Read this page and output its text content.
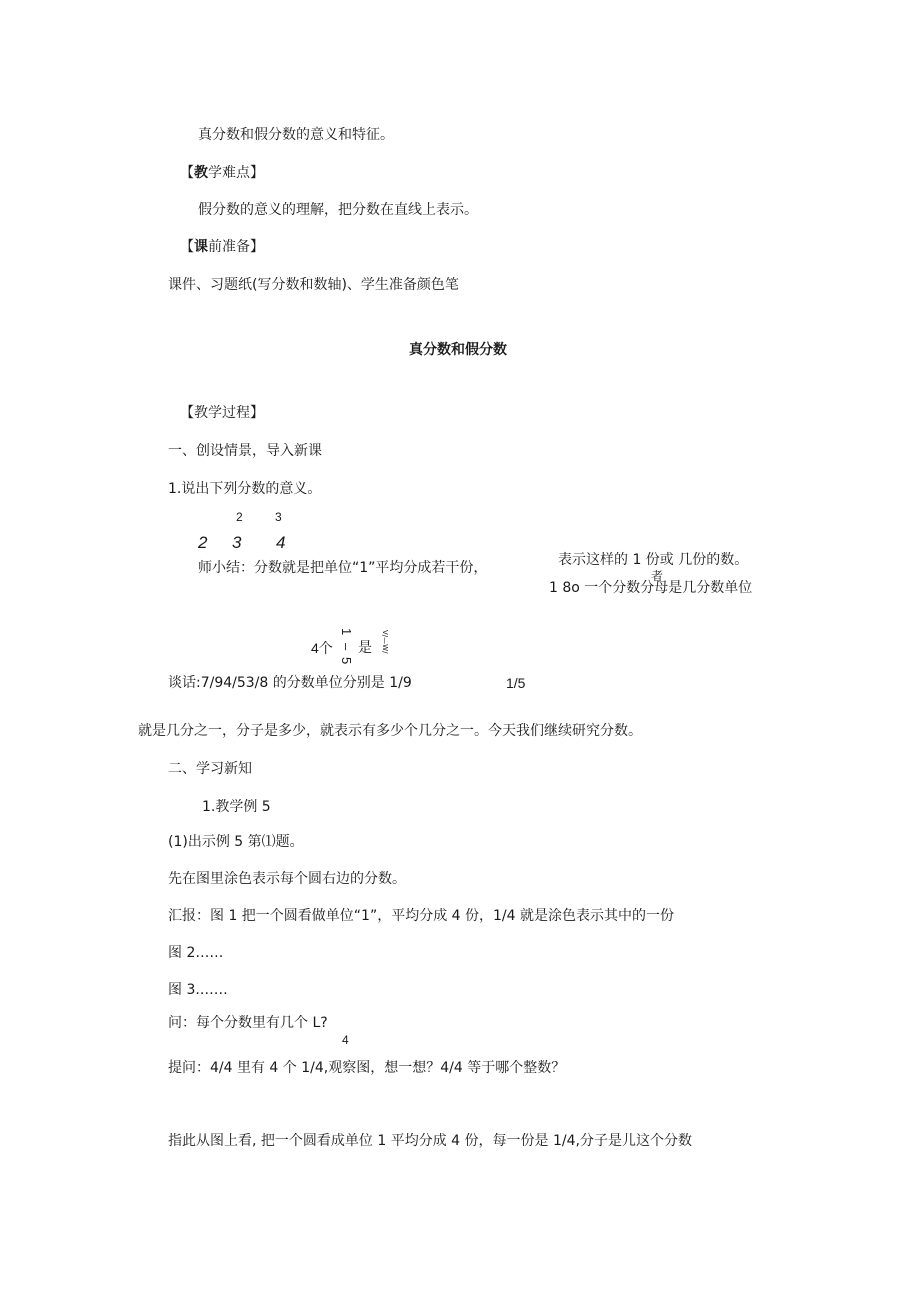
真分数和假分数的意义和特征。
【教学难点】
假分数的意义的理解，把分数在直线上表示。
【课前准备】
课件、习题纸(写分数和数轴)、学生准备颜色笔
真分数和假分数
【教学过程】
一、创设情景，导入新课
1.说出下列分数的意义。
2	3
2 3 4
师小结：分数就是把单位“1”平均分成若干份，	表示这样的 1 份或 几份的数。
者
1 8o 一个分数分母是几分数单位
1
–
5
4个 是 V/—W/
谈话:7/94/53/8 的分数单位分别是 1/9	1/5
就是几分之一，分子是多少，就表示有多少个几分之一。今天我们继续研究分数。
二、学习新知
1.教学例 5
(1)出示例 5 第⑴题。
先在图里涂色表示每个圆右边的分数。
汇报：图 1 把一个圆看做单位“1”，平均分成 4 份，1/4 就是涂色表示其中的一份
图 2……
图 3.……
问：每个分数里有几个 L?
4
提问：4/4 里有 4 个 1/4,观察图，想一想？4/4 等于哪个整数？
指此从图上看, 把一个圆看成单位 1 平均分成 4 份，每一份是 1/4,分子是儿这个分数
